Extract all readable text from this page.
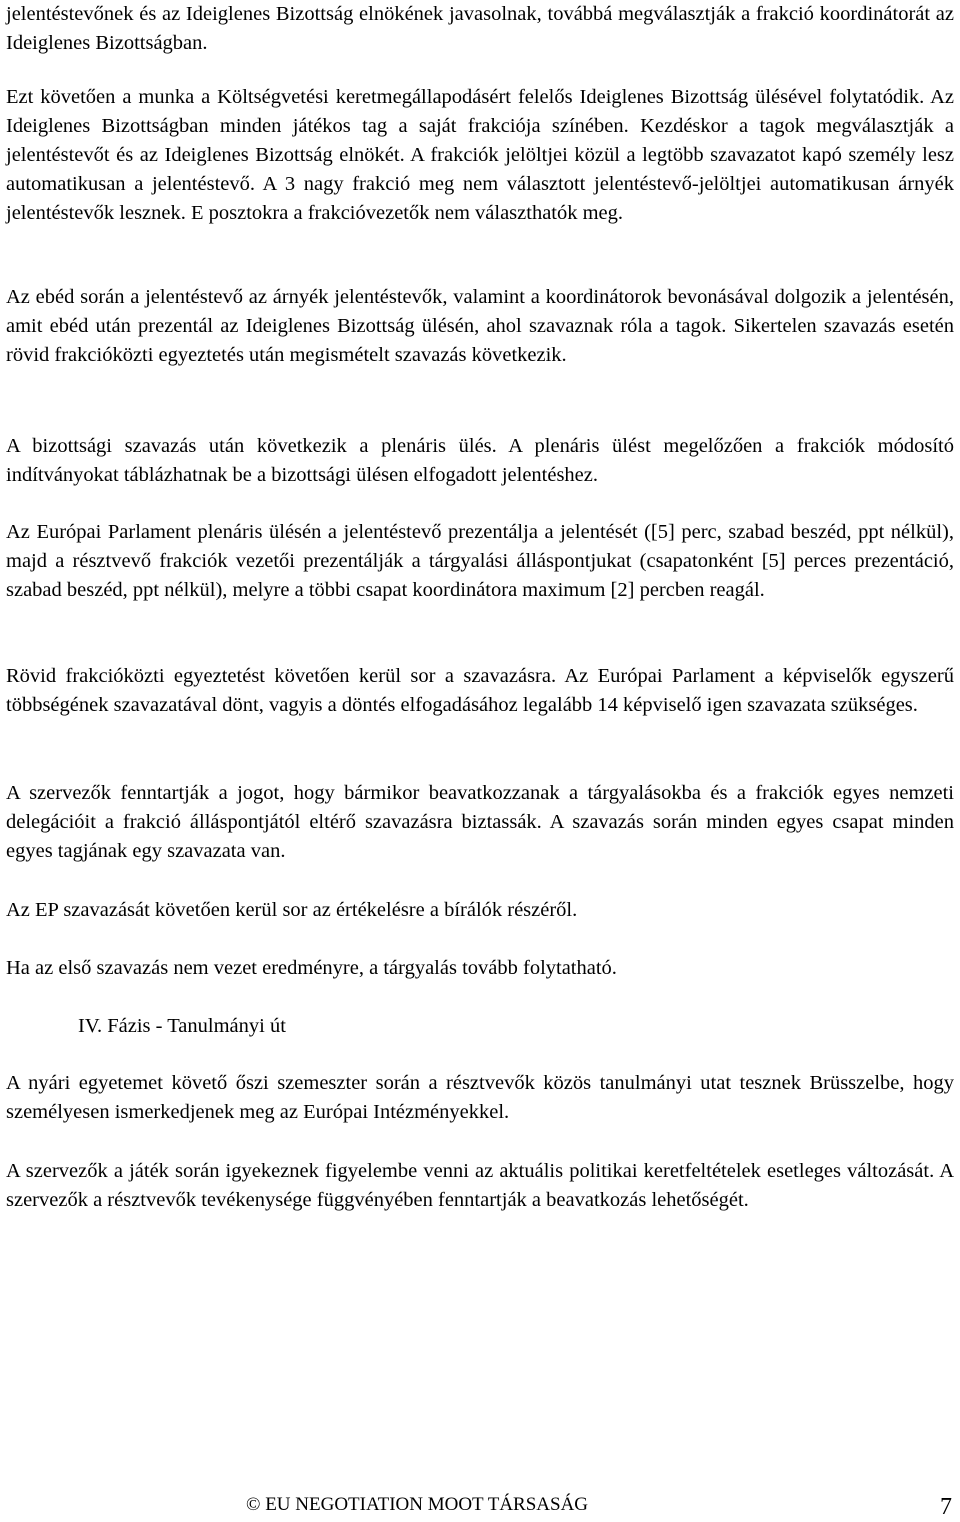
jelentéstevőnek és az Ideiglenes Bizottság elnökének javasolnak, továbbá megválasztják a frakció koordinátorát az Ideiglenes Bizottságban.

Ezt követően a munka a Költségvetési keretmegállapodásért felelős Ideiglenes Bizottság ülésével folytatódik. Az Ideiglenes Bizottságban minden játékos tag a saját frakciója színében. Kezdéskor a tagok megválasztják a jelentéstevőt és az Ideiglenes Bizottság elnökét. A frakciók jelöltjei közül a legtöbb szavazatot kapó személy lesz automatikusan a jelentéstevő. A 3 nagy frakció meg nem választott jelentéstevő-jelöltjei automatikusan árnyék jelentéstevők lesznek. E posztokra a frakcióvezetők nem választhatók meg.

Az ebéd során a jelentéstevő az árnyék jelentéstevők, valamint a koordinátorok bevonásával dolgozik a jelentésén, amit ebéd után prezentál az Ideiglenes Bizottság ülésén, ahol szavaznak róla a tagok. Sikertelen szavazás esetén rövid frakcióközti egyeztetés után megismételt szavazás következik.

A bizottsági szavazás után következik a plenáris ülés. A plenáris ülést megelőzően a frakciók módosító indítványokat táblázhatnak be a bizottsági ülésen elfogadott jelentéshez.

Az Európai Parlament plenáris ülésén a jelentéstevő prezentálja a jelentését ([5] perc, szabad beszéd, ppt nélkül), majd a résztvevő frakciók vezetői prezentálják a tárgyalási álláspontjukat (csapatonként [5] perces prezentáció, szabad beszéd, ppt nélkül), melyre a többi csapat koordinátora maximum [2] percben reagál.

Rövid frakcióközti egyeztetést követően kerül sor a szavazásra. Az Európai Parlament a képviselők egyszerű többségének szavazatával dönt, vagyis a döntés elfogadásához legalább 14 képviselő igen szavazata szükséges.

A szervezők fenntartják a jogot, hogy bármikor beavatkozzanak a tárgyalásokba és a frakciók egyes nemzeti delegációit a frakció álláspontjától eltérő szavazásra biztassák. A szavazás során minden egyes csapat minden egyes tagjának egy szavazata van.

Az EP szavazását követően kerül sor az értékelésre a bírálók részéről.

Ha az első szavazás nem vezet eredményre, a tárgyalás tovább folytatható.

IV. Fázis - Tanulmányi út

A nyári egyetemet követő őszi szemeszter során a résztvevők közös tanulmányi utat tesznek Brüsszelbe, hogy személyesen ismerkedjenek meg az Európai Intézményekkel.

A szervezők a játék során igyekeznek figyelembe venni az aktuális politikai keretfeltételek esetleges változását. A szervezők a résztvevők tevékenysége függvényében fenntartják a beavatkozás lehetőségét.

© EU NEGOTIATION MOOT TÁRSASÁG	7
